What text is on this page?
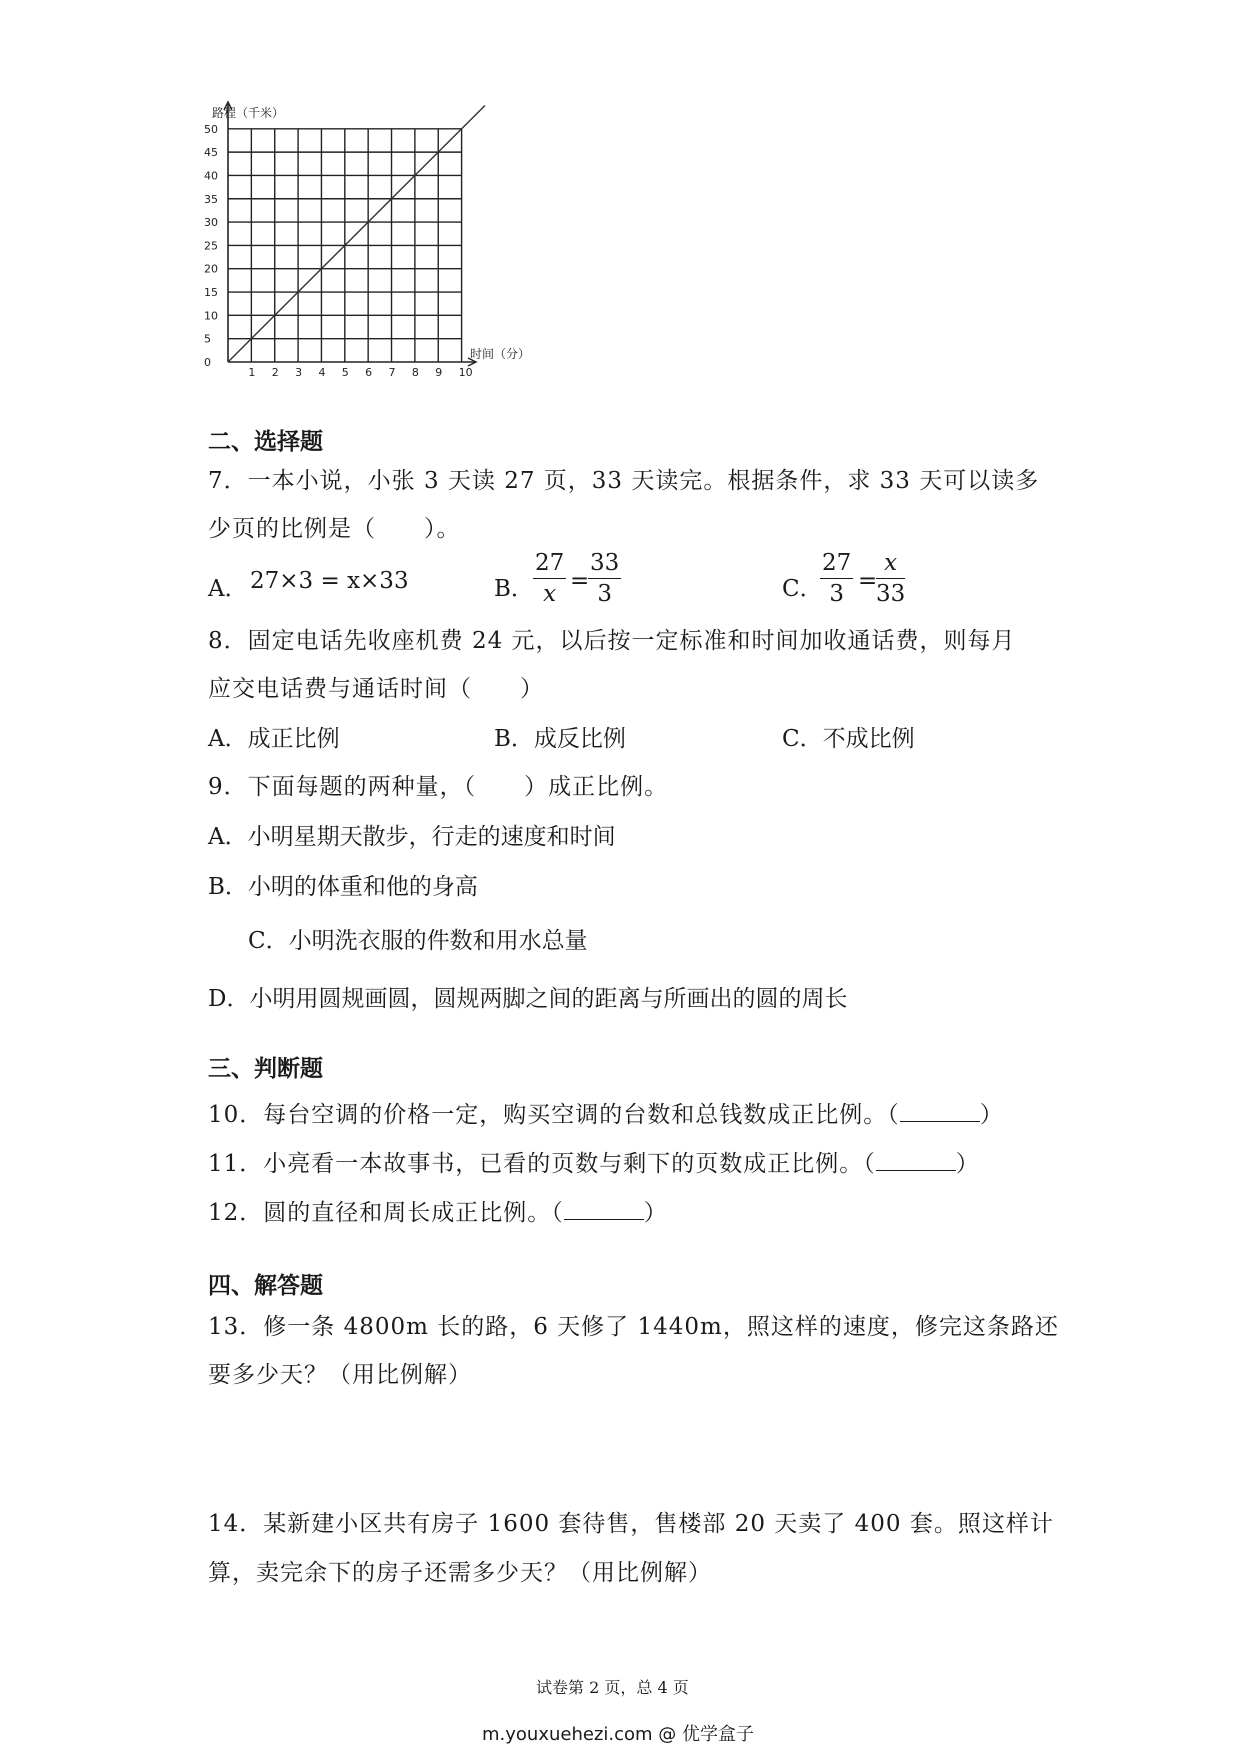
0
5
10
15
20
25
30
35
40
45
50
1 2 3 4 5 6 7 8 9 10
路程（千米）
时间（分）
二、选择题
7．一本小说，小张 3 天读 27 页，33 天读完。根据条件，求 33 天可以读多
少页的比例是（　　）。
A． 27×3 = x×33	B． $\frac{27}{x}$ =
$\frac{33}{3}$	C．
$\frac{27}{3}$ =
$\frac{x}{33}$
8．固定电话先收座机费 24 元，以后按一定标准和时间加收通话费，则每月
应交电话费与通话时间（　　）
A．成正比例	B．成反比例	C．不成比例
9．下面每题的两种量，（　　）成正比例。
A．小明星期天散步，行走的速度和时间
B．小明的体重和他的身高
C．小明洗衣服的件数和用水总量
D．小明用圆规画圆，圆规两脚之间的距离与所画出的圆的周长
三、判断题
10．每台空调的价格一定，购买空调的台数和总钱数成正比例。（	）
11．小亮看一本故事书，已看的页数与剩下的页数成正比例。（	）
12．圆的直径和周长成正比例。（	）
四、解答题
13．修一条 4800m 长的路，6 天修了 1440m，照这样的速度，修完这条路还
要多少天？（用比例解）
14．某新建小区共有房子 1600 套待售，售楼部 20 天卖了 400 套。照这样计
算，卖完余下的房子还需多少天？（用比例解）
试卷第 2 页，总 4 页
m.youxuehezi.com @ 优学盒子
